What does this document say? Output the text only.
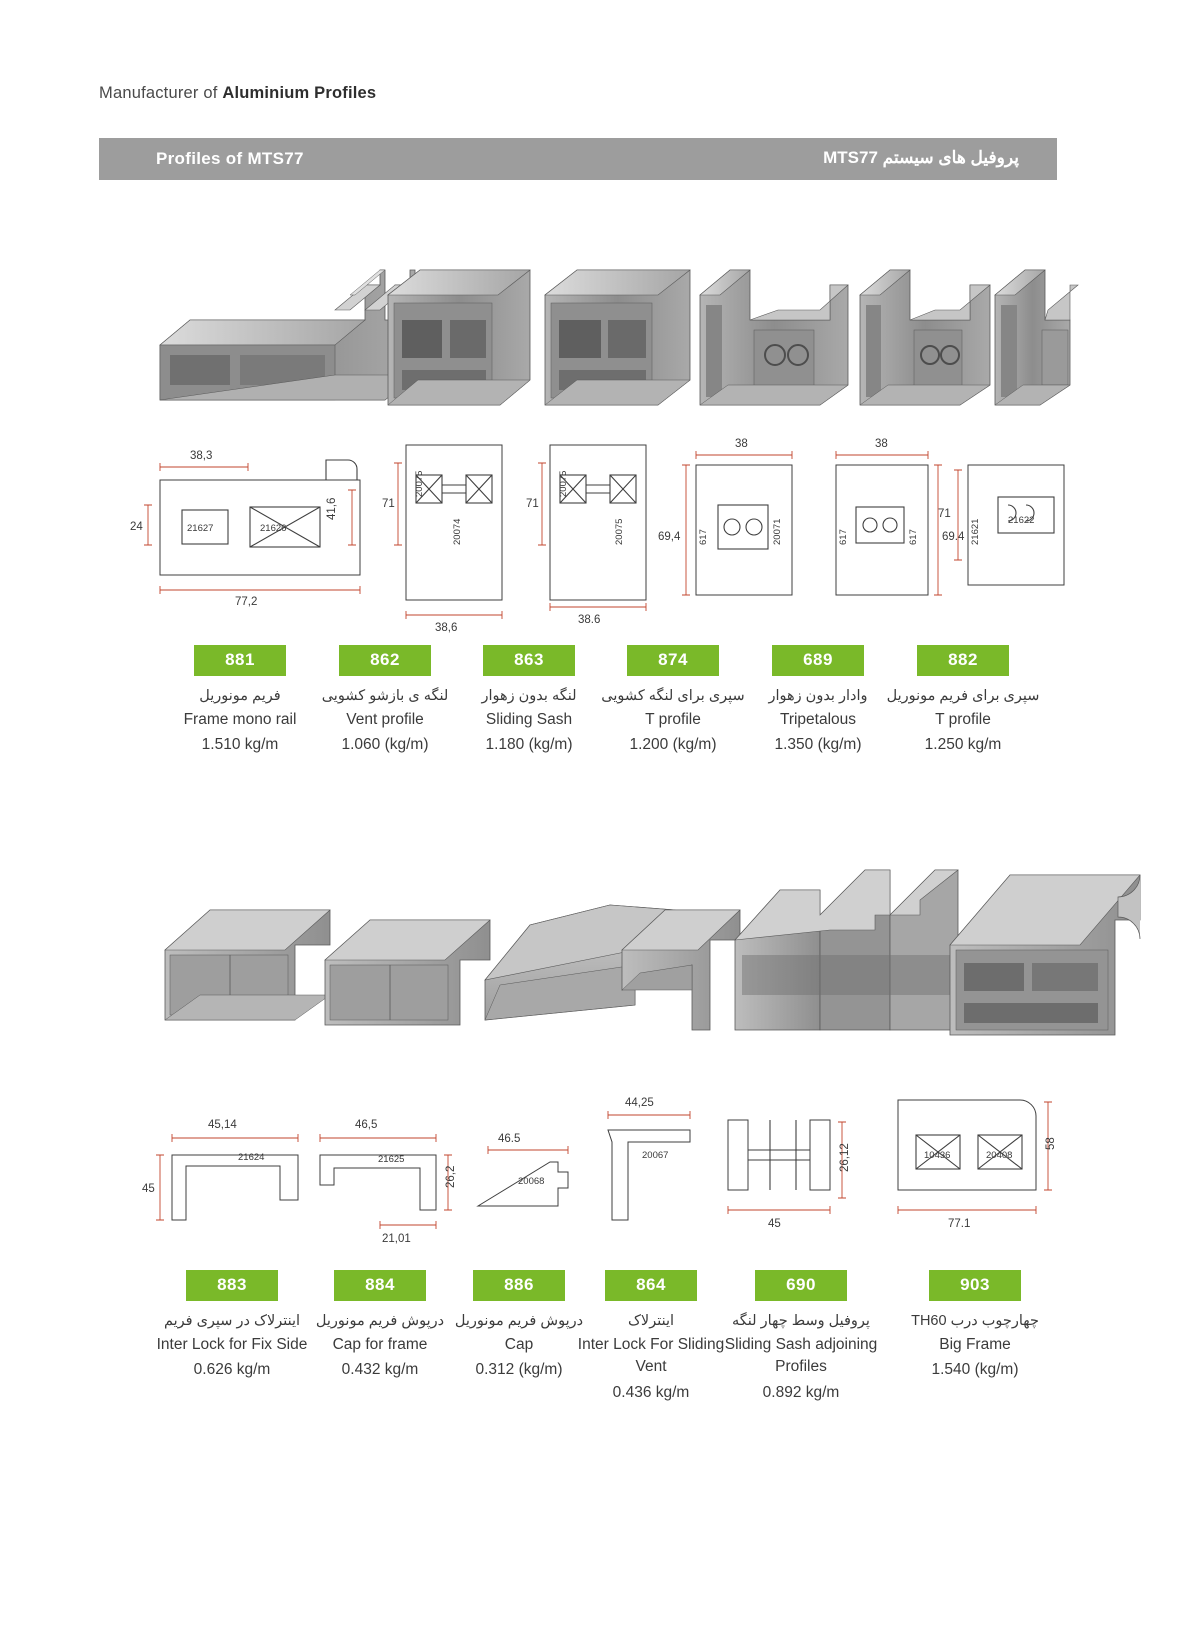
Manufacturer of Aluminium Profiles
Profiles of MTS77	پروفیل های سیستم MTS77
38,3
24
41,6
77,2
21627	21626
71
38,6
20075
20074
71
38.6
20075
20075
38
69,4 617	20071
38
69.4
617	617
71
21621	21622
881
فریم مونوریل
Frame mono rail
1.510 kg/m
862
لنگه ی بازشو کشویی
Vent profile
1.060 (kg/m)
863
لنگه بدون زهوار
Sliding Sash
1.180 (kg/m)
874
سپری برای لنگه کشویی
T profile
1.200 (kg/m)
689
وادار بدون زهوار
Tripetalous
1.350 (kg/m)
882
سپری برای فریم مونوریل
T profile
1.250 kg/m
45,14
45
21624
46,5
26,2
21,01
21625
46.5
20068
44,25
20067	26,12
45
58
77.1
10436	20408
883
اینترلاک در سپری فریم
Inter Lock for Fix Side
0.626 kg/m
884
درپوش فریم مونوریل
Cap for frame
0.432 kg/m
886
درپوش فریم مونوریل
Cap
0.312 (kg/m)
864
اینترلاک
Inter Lock For Sliding Vent
0.436 kg/m
690
پروفیل وسط چهار لنگه
Sliding Sash adjoining Profiles
0.892 kg/m
903
چهارچوب درب TH60
Big Frame
1.540 (kg/m)
